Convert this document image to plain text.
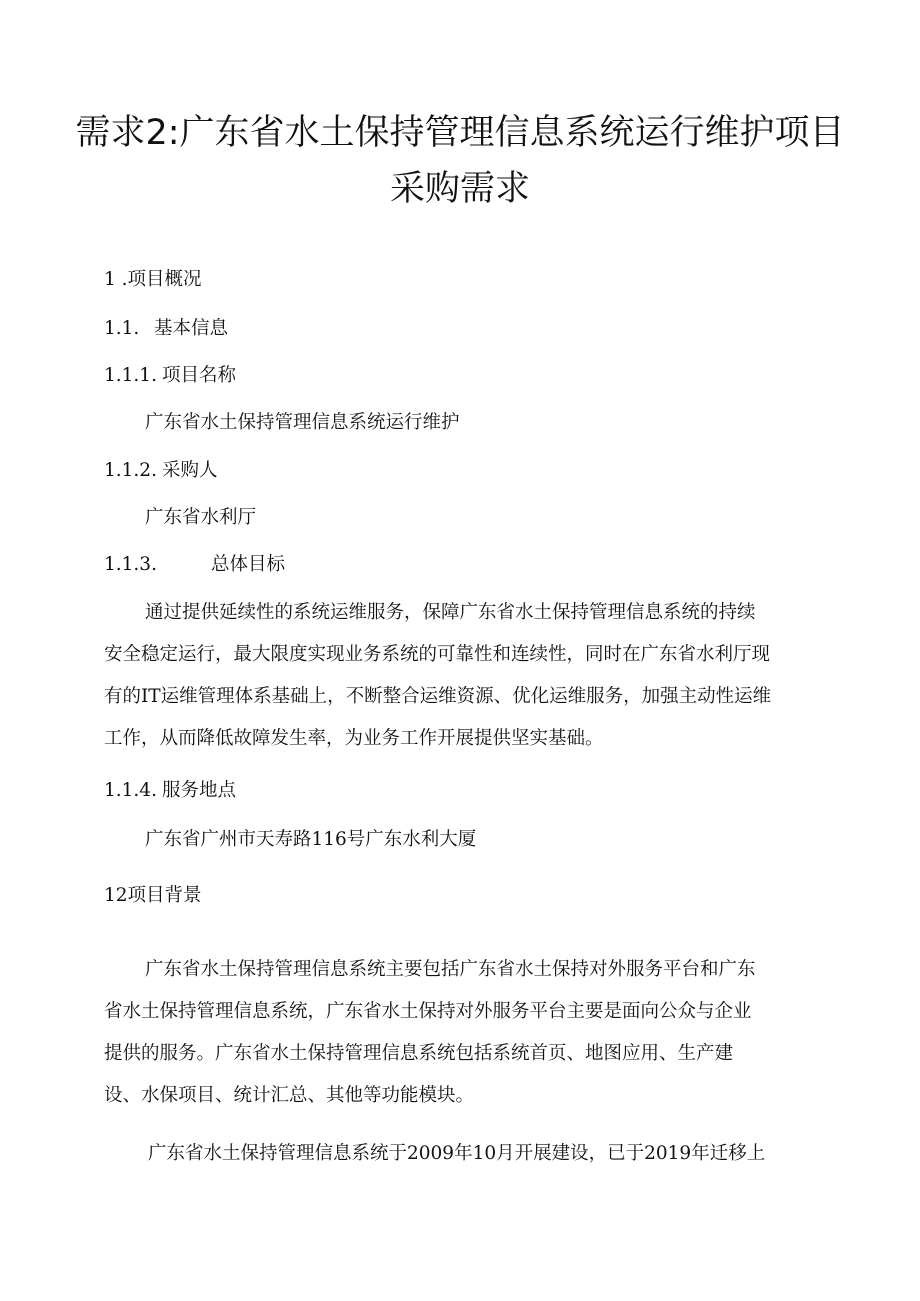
需求2:广东省水土保持管理信息系统运行维护项目
采购需求

1 .项目概况

1.1. 基本信息

1.1.1. 项目名称

广东省水土保持管理信息系统运行维护

1.1.2. 采购人

广东省水利厅

1.1.3.	总体目标

通过提供延续性的系统运维服务，保障广东省水土保持管理信息系统的持续

安全稳定运行，最大限度实现业务系统的可靠性和连续性，同时在广东省水利厅现

有的IT运维管理体系基础上，不断整合运维资源、优化运维服务，加强主动性运维

工作，从而降低故障发生率，为业务工作开展提供坚实基础。

1.1.4. 服务地点

广东省广州市天寿路116号广东水利大厦

12项目背景

广东省水土保持管理信息系统主要包括广东省水土保持对外服务平台和广东

省水土保持管理信息系统，广东省水土保持对外服务平台主要是面向公众与企业

提供的服务。广东省水土保持管理信息系统包括系统首页、地图应用、生产建

设、水保项目、统计汇总、其他等功能模块。

广东省水土保持管理信息系统于2009年10月开展建设，已于2019年迁移上
